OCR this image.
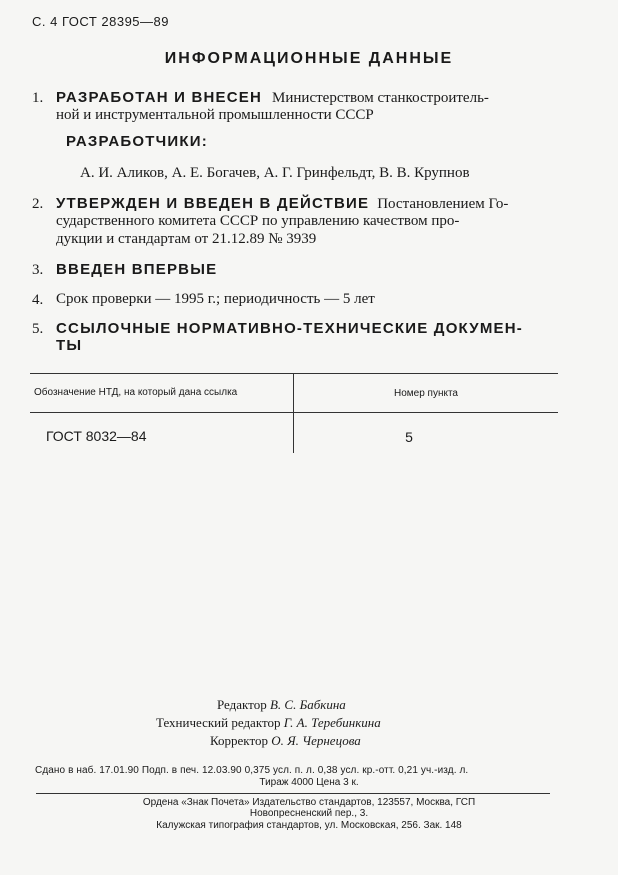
С. 4 ГОСТ 28395—89
ИНФОРМАЦИОННЫЕ ДАННЫЕ
1. РАЗРАБОТАН И ВНЕСЕН Министерством станкостроитель-
ной и инструментальной промышленности СССР
РАЗРАБОТЧИКИ:
А. И. Аликов, А. Е. Богачев, А. Г. Гринфельдт, В. В. Крупнов
2. УТВЕРЖДЕН И ВВЕДЕН В ДЕЙСТВИЕ Постановлением Го-
сударственного комитета СССР по управлению качеством про-
дукции и стандартам от 21.12.89 № 3939
3. ВВЕДЕН ВПЕРВЫЕ
4. Срок проверки — 1995 г.; периодичность — 5 лет
5. ССЫЛОЧНЫЕ НОРМАТИВНО-ТЕХНИЧЕСКИЕ ДОКУМЕН-
ТЫ
Обозначение НТД, на который дана ссылка	Номер пункта
ГОСТ 8032—84	5
Редактор В. С. Бабкина
Технический редактор Г. А. Теребинкина
Корректор О. Я. Чернецова
Сдано в наб. 17.01.90 Подп. в печ. 12.03.90 0,375 усл. п. л. 0,38 усл. кр.-отт. 0,21 уч.-изд. л.
Тираж 4000 Цена 3 к.
Ордена «Знак Почета» Издательство стандартов, 123557, Москва, ГСП
Новопресненский пер., 3.
Калужская типография стандартов, ул. Московская, 256. Зак. 148
